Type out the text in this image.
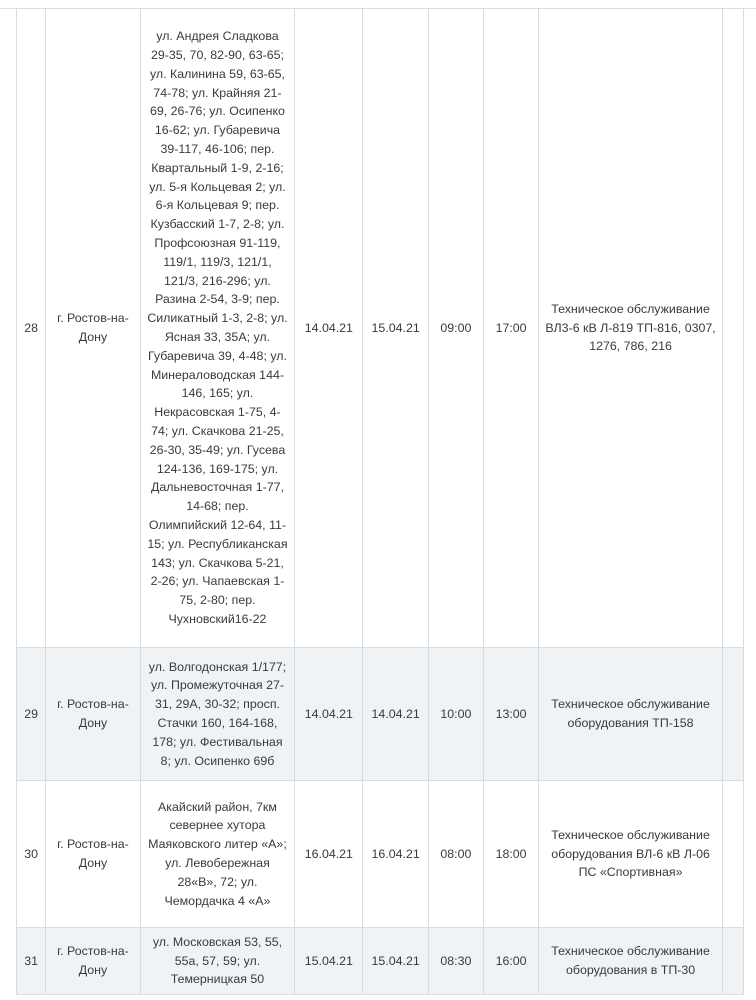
28	г. Ростов-на-Дону	ул. Андрея Сладкова 29-35, 70, 82-90, 63-65; ул. Калинина 59, 63-65, 74-78; ул. Крайняя 21-69, 26-76; ул. Осипенко 16-62; ул. Губаревича 39-117, 46-106; пер. Квартальный 1-9, 2-16; ул. 5-я Кольцевая 2; ул. 6-я Кольцевая 9; пер. Кузбасский 1-7, 2-8; ул. Профсоюзная 91-119, 119/1, 119/3, 121/1, 121/3, 216-296; ул. Разина 2-54, 3-9; пер. Силикатный 1-3, 2-8; ул. Ясная 33, 35А; ул. Губаревича 39, 4-48; ул. Минераловодская 144-146, 165; ул. Некрасовская 1-75, 4-74; ул. Скачкова 21-25, 26-30, 35-49; ул. Гусева 124-136, 169-175; ул. Дальневосточная 1-77, 14-68; пер. Олимпийский 12-64, 11-15; ул. Республиканская 143; ул. Скачкова 5-21, 2-26; ул. Чапаевская 1-75, 2-80; пер. Чухновский16-22	14.04.21	15.04.21	09:00	17:00	Техническое обслуживание ВЛ3-6 кВ Л-819 ТП-816, 0307, 1276, 786, 216	
29	г. Ростов-на-Дону	ул. Волгодонская 1/177; ул. Промежуточная 27-31, 29А, 30-32; просп. Стачки 160, 164-168, 178; ул. Фестивальная 8; ул. Осипенко 69б	14.04.21	14.04.21	10:00	13:00	Техническое обслуживание оборудования ТП-158	
30	г. Ростов-на-Дону	Акайский район, 7км севернее хутора Маяковского литер «А»; ул. Левобережная 28«В», 72; ул. Чемордачка 4 «А»	16.04.21	16.04.21	08:00	18:00	Техническое обслуживание оборудования ВЛ-6 кВ Л-06 ПС «Спортивная»	
31	г. Ростов-на-Дону	ул. Московская 53, 55, 55а, 57, 59; ул. Темерницкая 50	15.04.21	15.04.21	08:30	16:00	Техническое обслуживание оборудования в ТП-30	
